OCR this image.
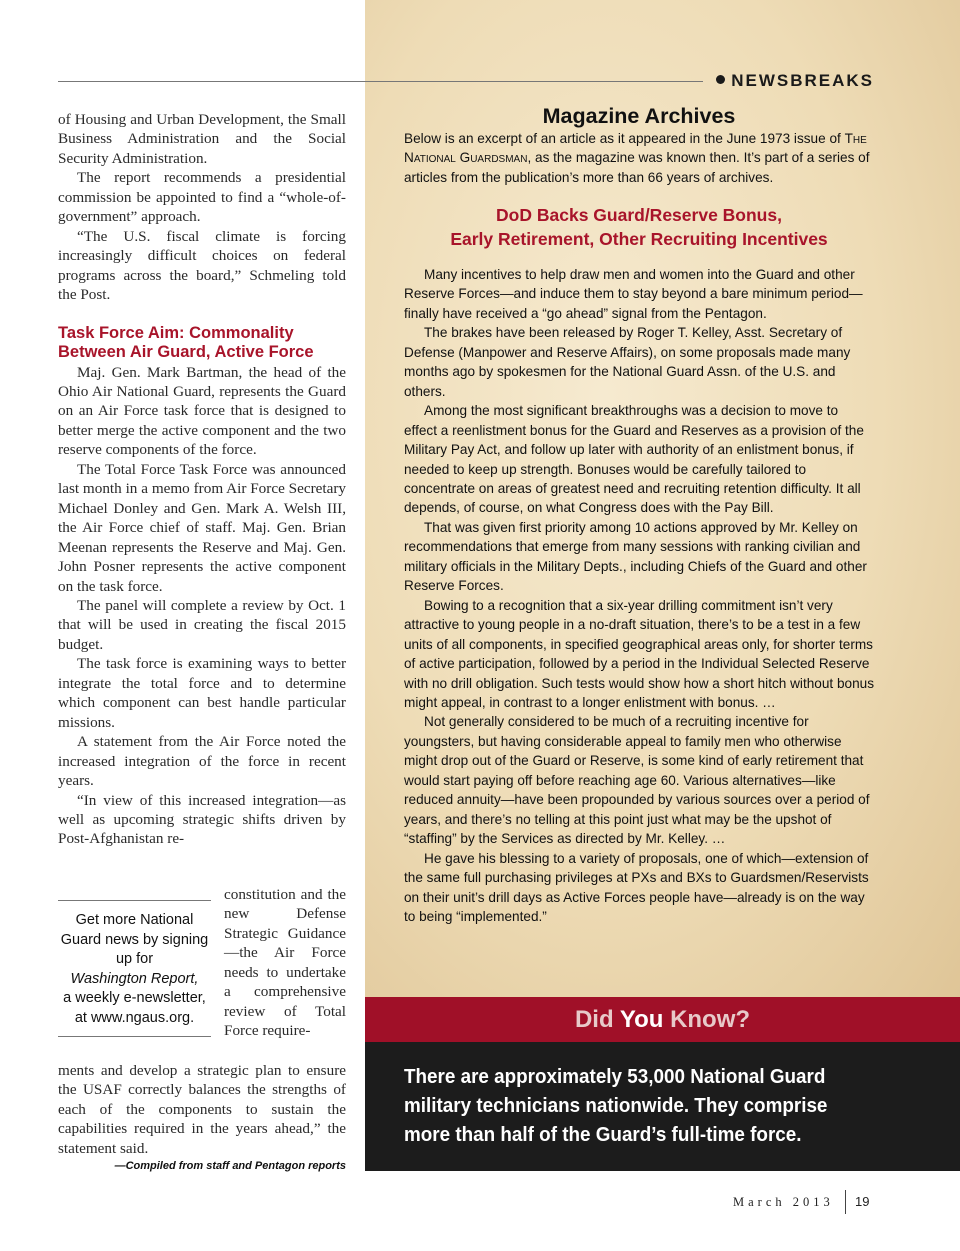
NEWSBREAKS

of Housing and Urban Development, the Small Business Administration and the Social Security Administration.

The report recommends a presidential commission be appointed to find a “whole-of-government” approach.

“The U.S. fiscal climate is forcing increasingly difficult choices on federal programs across the board,” Schmeling told the Post.

Task Force Aim: Commonality Between Air Guard, Active Force

Maj. Gen. Mark Bartman, the head of the Ohio Air National Guard, represents the Guard on an Air Force task force that is designed to better merge the active component and the two reserve components of the force.

The Total Force Task Force was announced last month in a memo from Air Force Secretary Michael Donley and Gen. Mark A. Welsh III, the Air Force chief of staff. Maj. Gen. Brian Meenan represents the Reserve and Maj. Gen. John Posner represents the active component on the task force.

The panel will complete a review by Oct. 1 that will be used in creating the fiscal 2015 budget.

The task force is examining ways to better integrate the total force and to determine which component can best handle particular missions.

A statement from the Air Force noted the increased integration of the force in recent years.

“In view of this increased integration—as well as upcoming strategic shifts driven by Post-Afghanistan re-

Get more National Guard news by signing up for
Washington Report,
a weekly e-newsletter, at www.ngaus.org.

constitution and the new Defense Strategic Guidance—the Air Force needs to undertake a comprehensive review of Total Force require-

ments and develop a strategic plan to ensure the USAF correctly balances the strengths of each of the components to sustain the capabilities required in the years ahead,” the statement said.

—Compiled from staff and Pentagon reports
Magazine Archives
Below is an excerpt of an article as it appeared in the June 1973 issue of The National Guardsman, as the magazine was known then. It’s part of a series of articles from the publication’s more than 66 years of archives.
DoD Backs Guard/Reserve Bonus,
Early Retirement, Other Recruiting Incentives

Many incentives to help draw men and women into the Guard and other Reserve Forces—and induce them to stay beyond a bare minimum period—finally have received a “go ahead” signal from the Pentagon.

The brakes have been released by Roger T. Kelley, Asst. Secretary of Defense (Manpower and Reserve Affairs), on some proposals made many months ago by spokesmen for the National Guard Assn. of the U.S. and others.

Among the most significant breakthroughs was a decision to move to effect a reenlistment bonus for the Guard and Reserves as a provision of the Military Pay Act, and follow up later with authority of an enlistment bonus, if needed to keep up strength. Bonuses would be carefully tailored to concentrate on areas of greatest need and recruiting retention difficulty. It all depends, of course, on what Congress does with the Pay Bill.

That was given first priority among 10 actions approved by Mr. Kelley on recommendations that emerge from many sessions with ranking civilian and military officials in the Military Depts., including Chiefs of the Guard and other Reserve Forces.

Bowing to a recognition that a six-year drilling commitment isn’t very attractive to young people in a no-draft situation, there’s to be a test in a few units of all components, in specified geographical areas only, for shorter terms of active participation, followed by a period in the Individual Selected Reserve with no drill obligation. Such tests would show how a short hitch without bonus might appeal, in contrast to a longer enlistment with bonus. …

Not generally considered to be much of a recruiting incentive for youngsters, but having considerable appeal to family men who otherwise might drop out of the Guard or Reserve, is some kind of early retirement that would start paying off before reaching age 60. Various alternatives—like reduced annuity—have been propounded by various sources over a period of years, and there’s no telling at this point just what may be the upshot of “staffing” by the Services as directed by Mr. Kelley. …

He gave his blessing to a variety of proposals, one of which—extension of the same full purchasing privileges at PXs and BXs to Guardsmen/Reservists on their unit’s drill days as Active Forces people have—already is on the way to being “implemented.”

Did You Know?
There are approximately 53,000 National Guard military technicians nationwide. They comprise more than half of the Guard’s full-time force.
March 2013 19
